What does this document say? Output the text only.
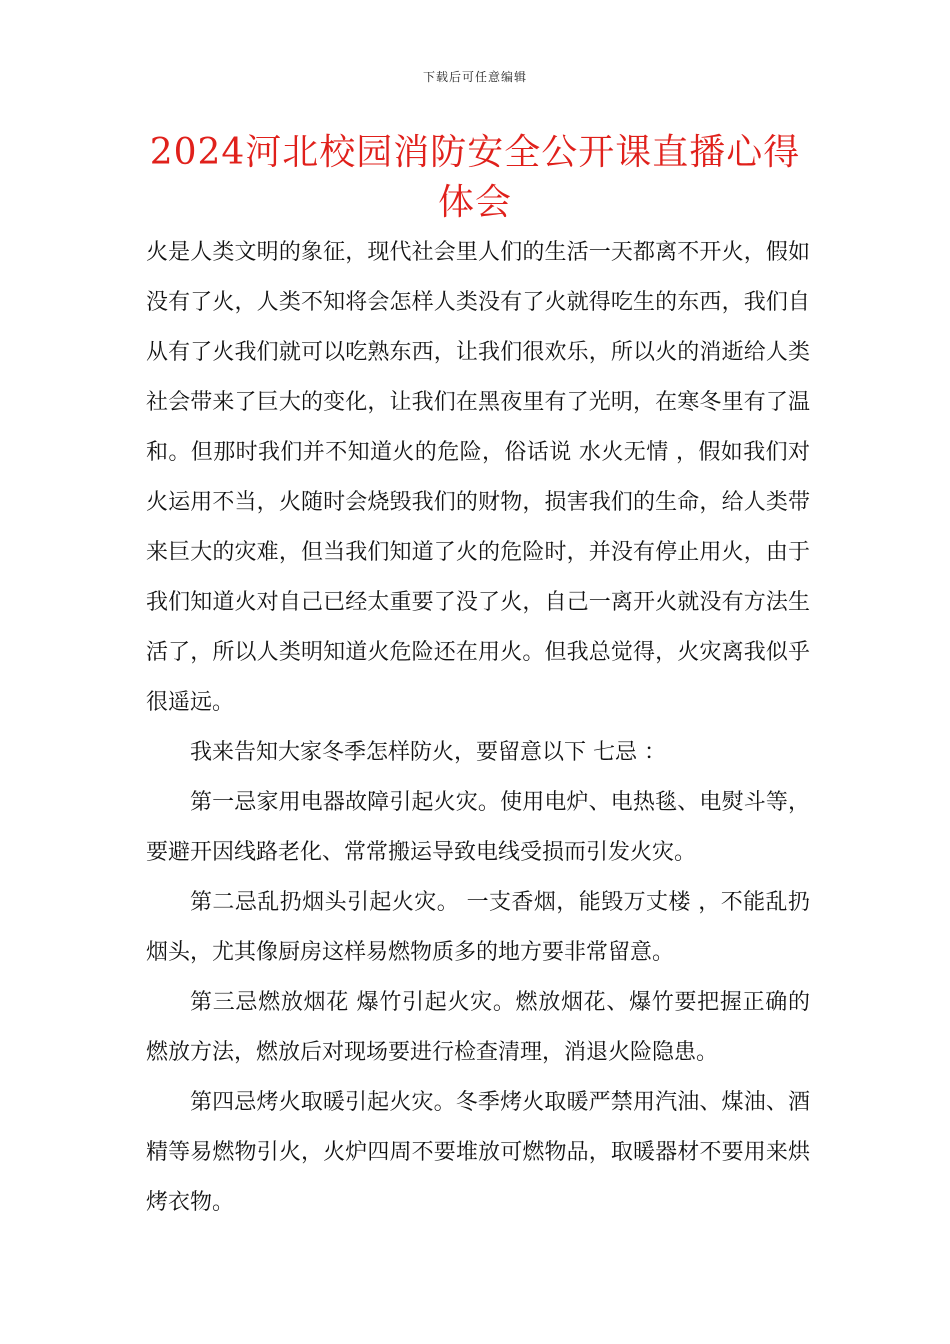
下载后可任意编辑
2024河北校园消防安全公开课直播心得体会

火是人类文明的象征，现代社会里人们的生活一天都离不开火，假如没有了火，人类不知将会怎样人类没有了火就得吃生的东西，我们自从有了火我们就可以吃熟东西，让我们很欢乐，所以火的消逝给人类社会带来了巨大的变化，让我们在黑夜里有了光明，在寒冬里有了温和。但那时我们并不知道火的危险，俗话说 水火无情 ，假如我们对火运用不当，火随时会烧毁我们的财物，损害我们的生命，给人类带来巨大的灾难，但当我们知道了火的危险时，并没有停止用火，由于我们知道火对自己已经太重要了没了火，自己一离开火就没有方法生活了，所以人类明知道火危险还在用火。但我总觉得，火灾离我似乎很遥远。

我来告知大家冬季怎样防火，要留意以下 七忌 ：

第一忌家用电器故障引起火灾。使用电炉、电热毯、电熨斗等，要避开因线路老化、常常搬运导致电线受损而引发火灾。

第二忌乱扔烟头引起火灾。 一支香烟，能毁万丈楼 ，不能乱扔烟头，尤其像厨房这样易燃物质多的地方要非常留意。

第三忌燃放烟花 爆竹引起火灾。燃放烟花、爆竹要把握正确的燃放方法，燃放后对现场要进行检查清理，消退火险隐患。

第四忌烤火取暖引起火灾。冬季烤火取暖严禁用汽油、煤油、酒精等易燃物引火，火炉四周不要堆放可燃物品，取暖器材不要用来烘烤衣物。
